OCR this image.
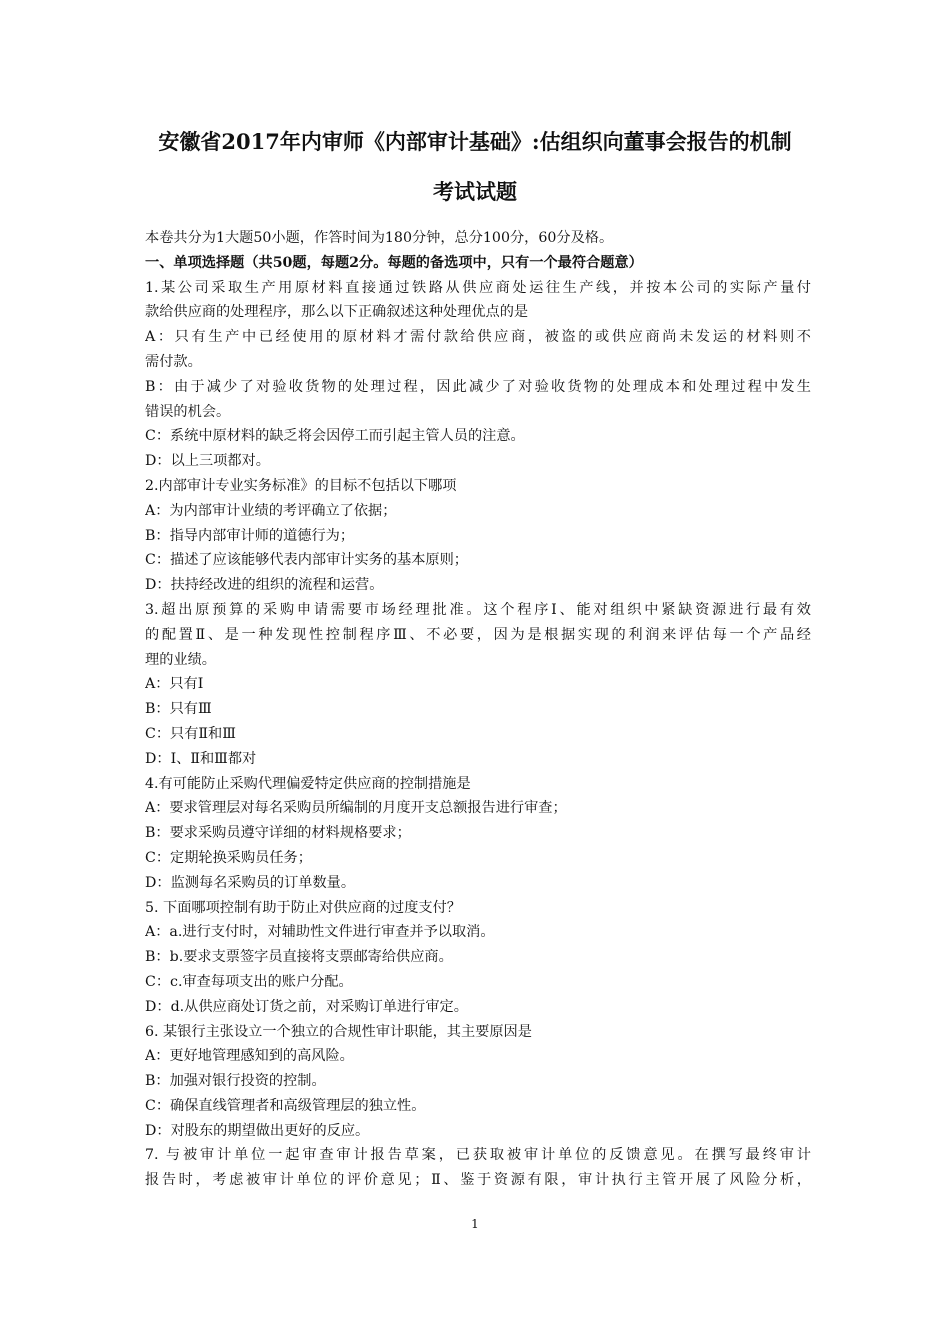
安徽省2017年内审师《内部审计基础》:估组织向董事会报告的机制
考试试题
本卷共分为1大题50小题，作答时间为180分钟，总分100分，60分及格。
一、单项选择题（共50题，每题2分。每题的备选项中，只有一个最符合题意）
1.某公司采取生产用原材料直接通过铁路从供应商处运往生产线，并按本公司的实际产量付
款给供应商的处理程序，那么以下正确叙述这种处理优点的是
A：只有生产中已经使用的原材料才需付款给供应商，被盗的或供应商尚未发运的材料则不
需付款。
B：由于减少了对验收货物的处理过程，因此减少了对验收货物的处理成本和处理过程中发生
错误的机会。
C：系统中原材料的缺乏将会因停工而引起主管人员的注意。
D：以上三项都对。
2.内部审计专业实务标准》的目标不包括以下哪项
A：为内部审计业绩的考评确立了依据；
B：指导内部审计师的道德行为；
C：描述了应该能够代表内部审计实务的基本原则；
D：扶持经改进的组织的流程和运营。
3.超出原预算的采购申请需要市场经理批准。这个程序Ⅰ、能对组织中紧缺资源进行最有效
的配置Ⅱ、是一种发现性控制程序Ⅲ、不必要，因为是根据实现的利润来评估每一个产品经
理的业绩。
A：只有Ⅰ
B：只有Ⅲ
C：只有Ⅱ和Ⅲ
D：Ⅰ、Ⅱ和Ⅲ都对
4.有可能防止采购代理偏爱特定供应商的控制措施是
A：要求管理层对每名采购员所编制的月度开支总额报告进行审查；
B：要求采购员遵守详细的材料规格要求；
C：定期轮换采购员任务；
D：监测每名采购员的订单数量。
5. 下面哪项控制有助于防止对供应商的过度支付？
A：a.进行支付时，对辅助性文件进行审查并予以取消。
B：b.要求支票签字员直接将支票邮寄给供应商。
C：c.审查每项支出的账户分配。
D：d.从供应商处订货之前，对采购订单进行审定。
6. 某银行主张设立一个独立的合规性审计职能，其主要原因是
A：更好地管理感知到的高风险。
B：加强对银行投资的控制。
C：确保直线管理者和高级管理层的独立性。
D：对股东的期望做出更好的反应。
7. 与被审计单位一起审查审计报告草案，已获取被审计单位的反馈意见。在撰写最终审计
报告时，考虑被审计单位的评价意见；Ⅱ、鉴于资源有限，审计执行主管开展了风险分析，
1
